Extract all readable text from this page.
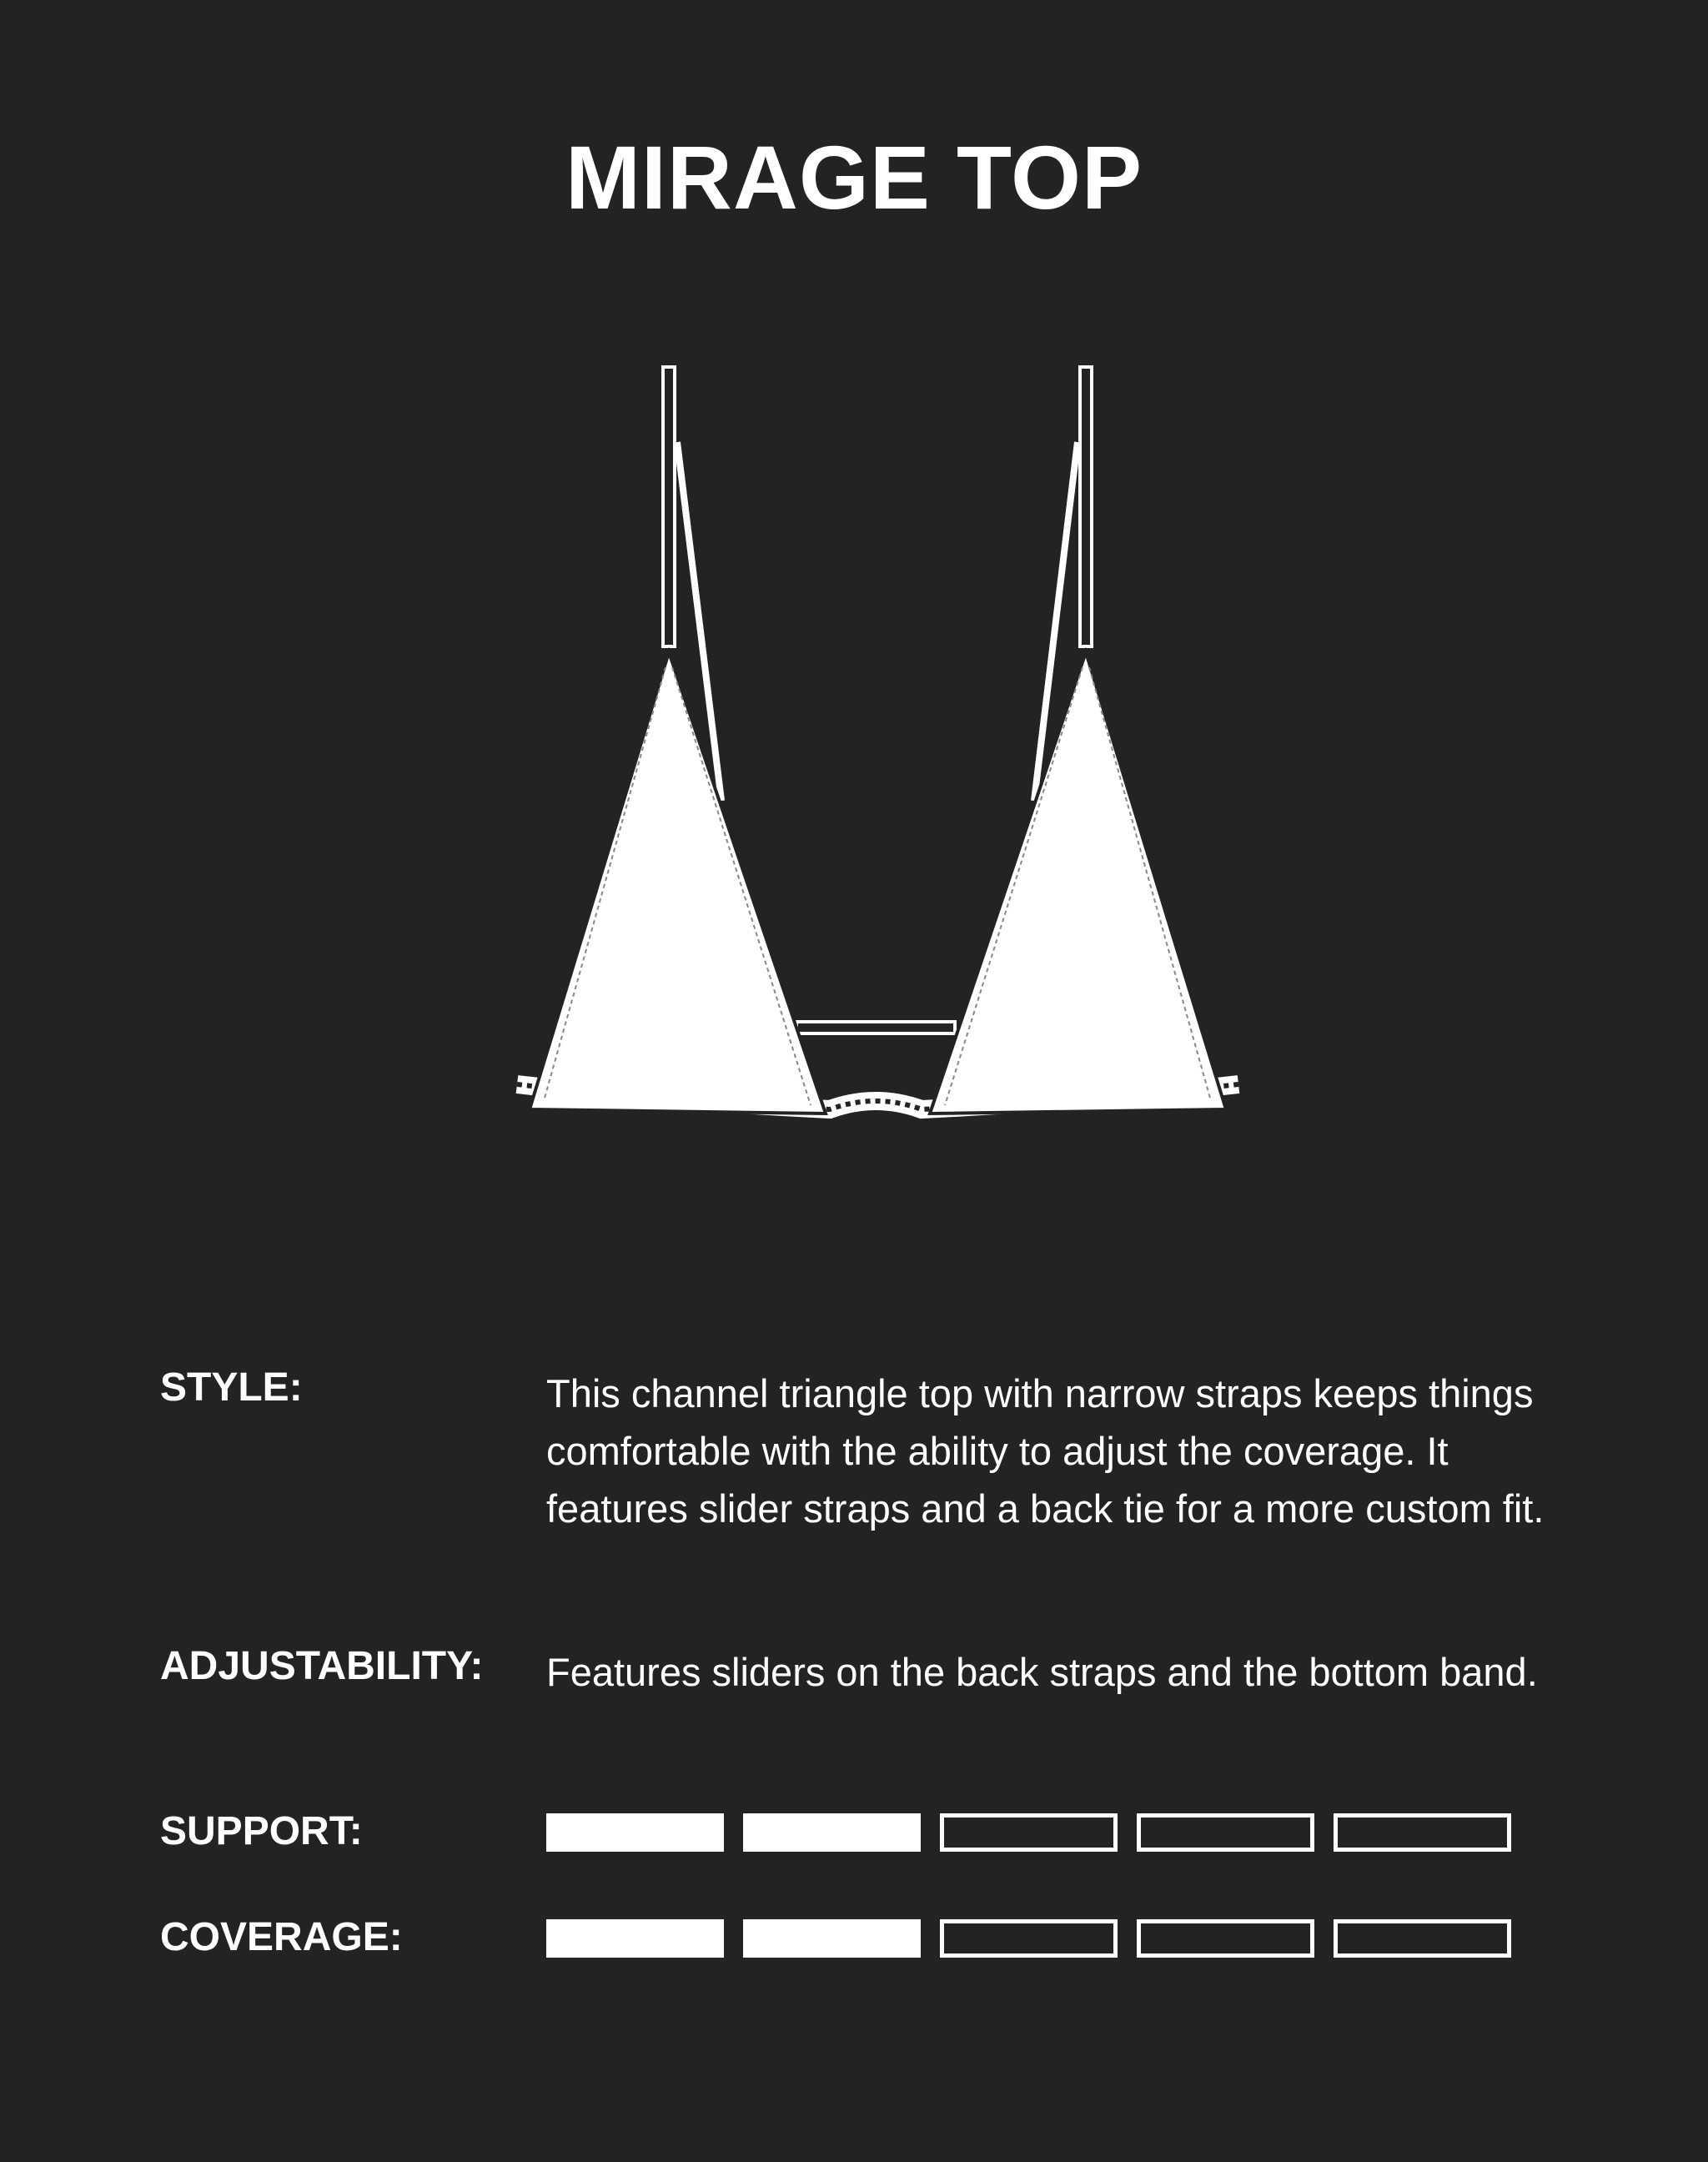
MIRAGE TOP
STYLE:	This channel triangle top with narrow straps keeps things comfortable with the ability to adjust the coverage. It features slider straps and a back tie for a more custom fit.
ADJUSTABILITY: Features sliders on the back straps and the bottom band.
SUPPORT:
COVERAGE:
